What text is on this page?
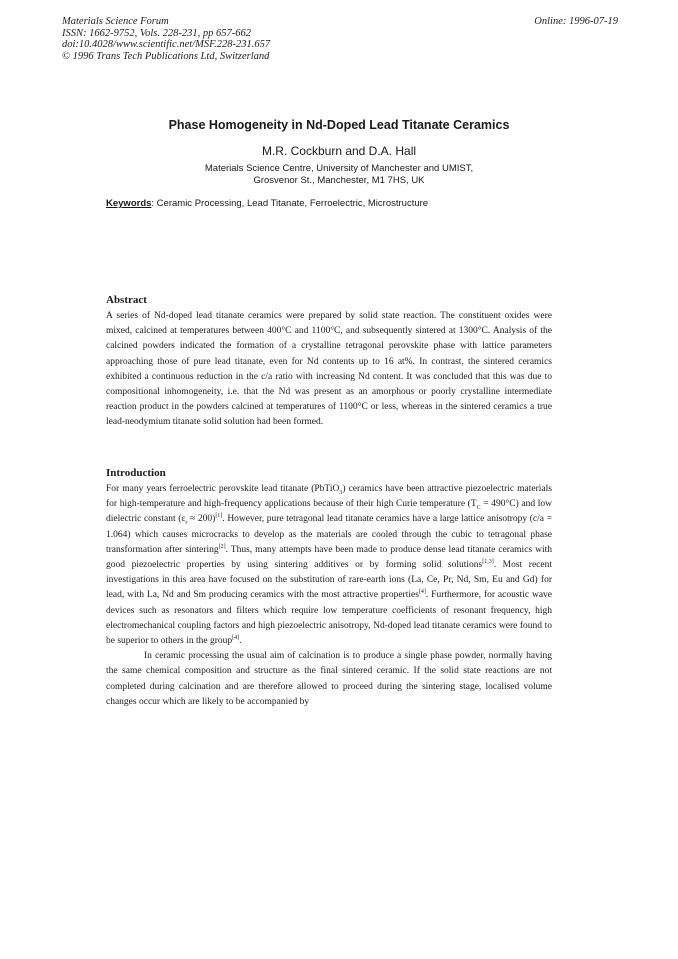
Materials Science Forum
ISSN: 1662-9752, Vols. 228-231, pp 657-662
doi:10.4028/www.scientific.net/MSF.228-231.657
© 1996 Trans Tech Publications Ltd, Switzerland
Online: 1996-07-19
Phase Homogeneity in Nd-Doped Lead Titanate Ceramics
M.R. Cockburn and D.A. Hall
Materials Science Centre, University of Manchester and UMIST,
Grosvenor St., Manchester, M1 7HS, UK
Keywords: Ceramic Processing, Lead Titanate, Ferroelectric, Microstructure
Abstract

A series of Nd-doped lead titanate ceramics were prepared by solid state reaction. The constituent oxides were mixed, calcined at temperatures between 400°C and 1100°C, and subsequently sintered at 1300°C. Analysis of the calcined powders indicated the formation of a crystalline tetragonal perovskite phase with lattice parameters approaching those of pure lead titanate, even for Nd contents up to 16 at%. In contrast, the sintered ceramics exhibited a continuous reduction in the c/a ratio with increasing Nd content. It was concluded that this was due to compositional inhomogeneity, i.e. that the Nd was present as an amorphous or poorly crystalline intermediate reaction product in the powders calcined at temperatures of 1100°C or less, whereas in the sintered ceramics a true lead-neodymium titanate solid solution had been formed.

Introduction

For many years ferroelectric perovskite lead titanate (PbTiO$_3$) ceramics have been attractive piezoelectric materials for high-temperature and high-frequency applications because of their high Curie temperature $(T_C = 490^\circ C)$ and low dielectric constant $(\varepsilon_r \approx 200)[1]$. However, pure tetragonal lead titanate ceramics have a large lattice anisotropy (c/a = 1.064) which causes microcracks to develop as the materials are cooled through the cubic to tetragonal phase transformation after sintering[2]. Thus, many attempts have been made to produce dense lead titanate ceramics with good piezoelectric properties by using sintering additives or by forming solid solutions[1,3]. Most recent investigations in this area have focused on the substitution of rare-earth ions (La, Ce, Pr, Nd, Sm, Eu and Gd) for lead, with La, Nd and Sm producing ceramics with the most attractive properties[4]. Furthermore, for acoustic wave devices such as resonators and filters which require low temperature coefficients of resonant frequency, high electromechanical coupling factors and high piezoelectric anisotropy, Nd-doped lead titanate ceramics were found to be superior to others in the group[4].

In ceramic processing the usual aim of calcination is to produce a single phase powder, normally having the same chemical composition and structure as the final sintered ceramic. If the solid state reactions are not completed during calcination and are therefore allowed to proceed during the sintering stage, localised volume changes occur which are likely to be accompanied by
